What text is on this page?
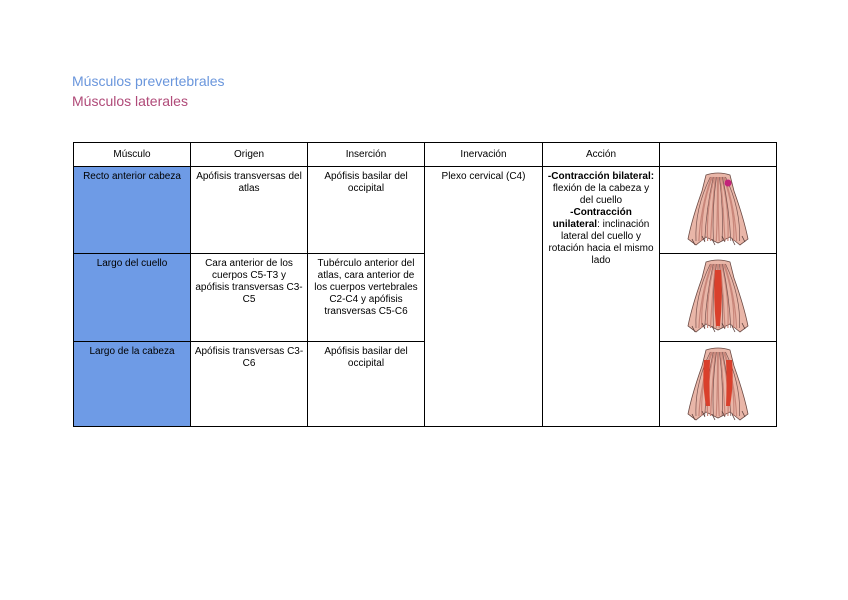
Músculos prevertebrales
Músculos laterales
Músculo	Origen	Inserción	Inervación	Acción	
Recto anterior cabeza	Apófisis transversas del atlas	Apófisis basilar del occipital	Plexo cervical (C4)	-Contracción bilateral: flexión de la cabeza y del cuello
-Contracción unilateral: inclinación lateral del cuello y rotación hacia el mismo lado	

Largo del cuello	Cara anterior de los cuerpos C5-T3 y apófisis transversas C3-C5	Tubérculo anterior del atlas, cara anterior de los cuerpos vertebrales C2-C4 y apófisis transversas C5-C6	

Largo de la cabeza	Apófisis transversas C3-C6	Apófisis basilar del occipital	
